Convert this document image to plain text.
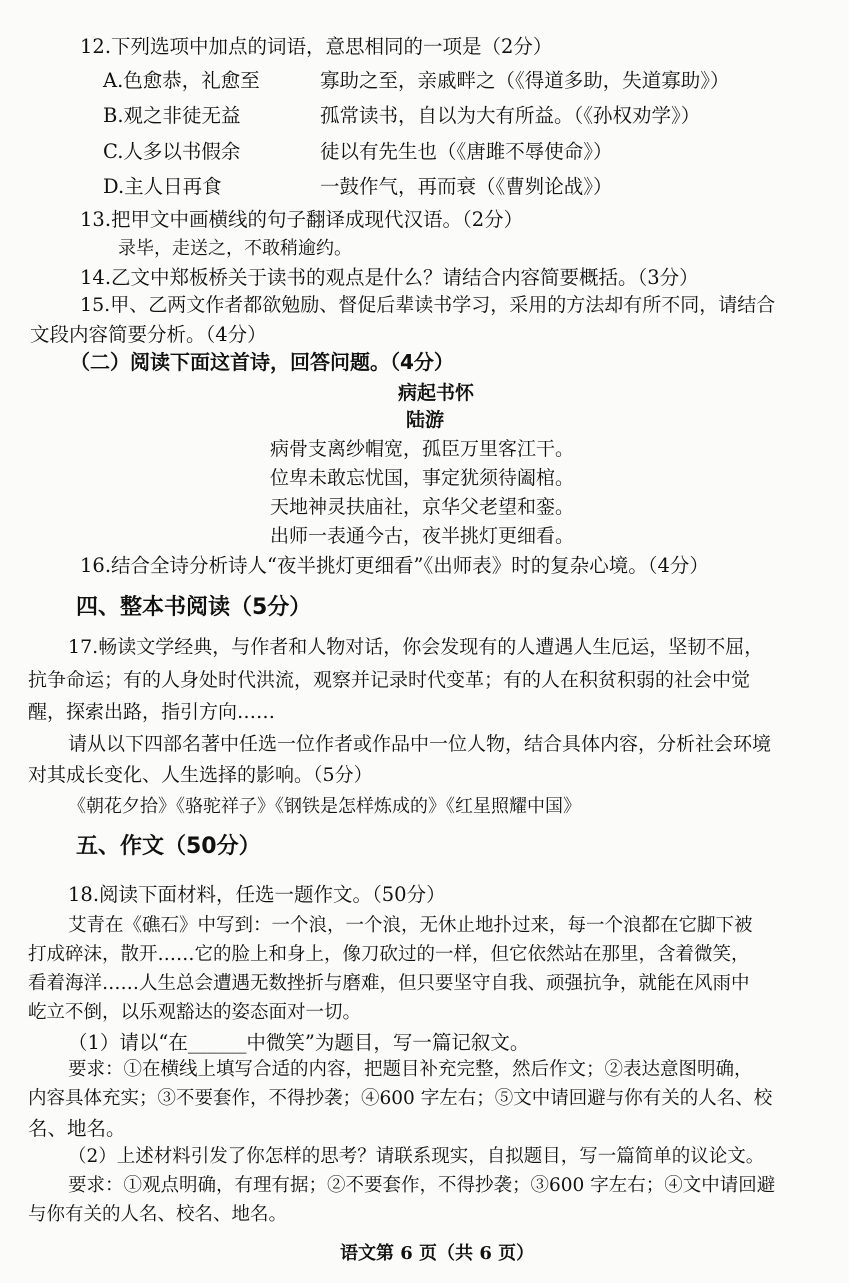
12.下列选项中加点的词语，意思相同的一项是（2分）
A.色愈恭，礼愈至	寡助之至，亲戚畔之（《得道多助，失道寡助》）
B.观之非徒无益	孤常读书，自以为大有所益。（《孙权劝学》）
C.人多以书假余	徒以有先生也（《唐雎不辱使命》）
D.主人日再食	一鼓作气，再而衰（《曹刿论战》）
13.把甲文中画横线的句子翻译成现代汉语。（2分）
录毕，走送之，不敢稍逾约。
14.乙文中郑板桥关于读书的观点是什么？请结合内容简要概括。（3分）
15.甲、乙两文作者都欲勉励、督促后辈读书学习，采用的方法却有所不同，请结合
文段内容简要分析。（4分）
（二）阅读下面这首诗，回答问题。（4分）
病起书怀
陆游
病骨支离纱帽宽，孤臣万里客江干。
位卑未敢忘忧国，事定犹须待阖棺。
天地神灵扶庙社，京华父老望和銮。
出师一表通今古，夜半挑灯更细看。
16.结合全诗分析诗人“夜半挑灯更细看”《出师表》时的复杂心境。（4分）
四、整本书阅读（5分）
17.畅读文学经典，与作者和人物对话，你会发现有的人遭遇人生厄运，坚韧不屈，
抗争命运；有的人身处时代洪流，观察并记录时代变革；有的人在积贫积弱的社会中觉
醒，探索出路，指引方向……
请从以下四部名著中任选一位作者或作品中一位人物，结合具体内容，分析社会环境
对其成长变化、人生选择的影响。（5分）
《朝花夕拾》《骆驼祥子》《钢铁是怎样炼成的》《红星照耀中国》
五、作文（50分）
18.阅读下面材料，任选一题作文。（50分）
艾青在《礁石》中写到：一个浪，一个浪，无休止地扑过来，每一个浪都在它脚下被
打成碎沫，散开……它的脸上和身上，像刀砍过的一样，但它依然站在那里，含着微笑，
看着海洋……人生总会遭遇无数挫折与磨难，但只要坚守自我、顽强抗争，就能在风雨中
屹立不倒，以乐观豁达的姿态面对一切。
（1）请以“在______中微笑”为题目，写一篇记叙文。
要求：①在横线上填写合适的内容，把题目补充完整，然后作文；②表达意图明确，
内容具体充实；③不要套作，不得抄袭；④600 字左右；⑤文中请回避与你有关的人名、校
名、地名。
（2）上述材料引发了你怎样的思考？请联系现实，自拟题目，写一篇简单的议论文。
要求：①观点明确，有理有据；②不要套作，不得抄袭；③600 字左右；④文中请回避
与你有关的人名、校名、地名。
语文第 6 页（共 6 页）
